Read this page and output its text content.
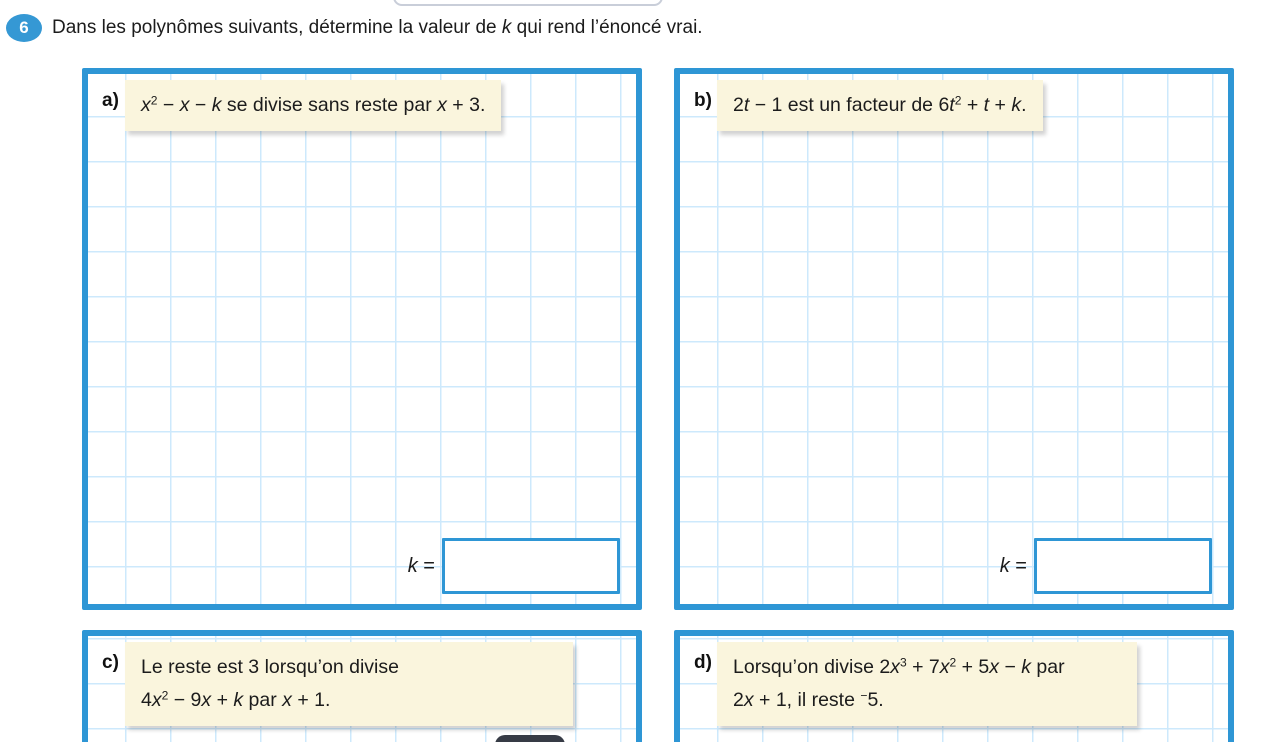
6	Dans les polynômes suivants, détermine la valeur de k qui rend l’énoncé vrai.

a) $x^2 - x - k$ se divise sans reste par x + 3.

k =
b) 2t − 1 est un facteur de $6t^2 + t + k$.

k =
c) Le reste est 3 lorsqu’on divise

$4x^2 - 9x + k$ par x + 1.

d) Lorsqu’on divise $2x^3 + 7x^2 + 5x - k$ par

2x + 1, il reste −5.
